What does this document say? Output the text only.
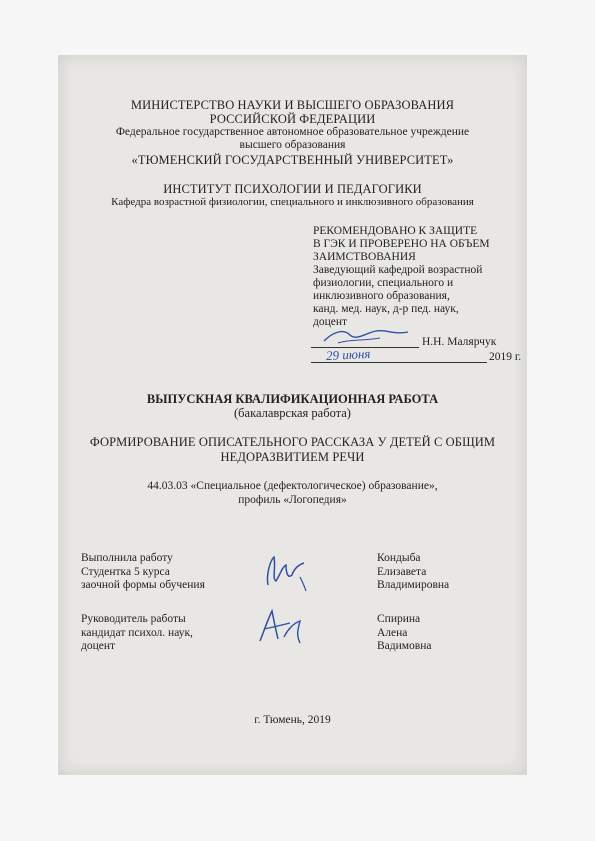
МИНИСТЕРСТВО НАУКИ И ВЫСШЕГО ОБРАЗОВАНИЯ
РОССИЙСКОЙ ФЕДЕРАЦИИ
Федеральное государственное автономное образовательное учреждение
высшего образования
«ТЮМЕНСКИЙ ГОСУДАРСТВЕННЫЙ УНИВЕРСИТЕТ»
ИНСТИТУТ ПСИХОЛОГИИ И ПЕДАГОГИКИ
Кафедра возрастной физиологии, специального и инклюзивного образования
РЕКОМЕНДОВАНО К ЗАЩИТЕ
В ГЭК И ПРОВЕРЕНО НА ОБЪЕМ
ЗАИМСТВОВАНИЯ
Заведующий кафедрой возрастной
физиологии, специального и
инклюзивного образования,
канд. мед. наук, д-р пед. наук,
доцент
Н.Н. Малярчук
29 июня	2019 г.
ВЫПУСКНАЯ КВАЛИФИКАЦИОННАЯ РАБОТА
(бакалаврская работа)
ФОРМИРОВАНИЕ ОПИСАТЕЛЬНОГО РАССКАЗА У ДЕТЕЙ С ОБЩИМ
НЕДОРАЗВИТИЕМ РЕЧИ
44.03.03 «Специальное (дефектологическое) образование»,
профиль «Логопедия»
Выполнила работу
Студентка 5 курса
заочной формы обучения
Кондыба
Елизавета
Владимировна
Руководитель работы
кандидат психол. наук,
доцент
Спирина
Алена
Вадимовна
г. Тюмень, 2019
